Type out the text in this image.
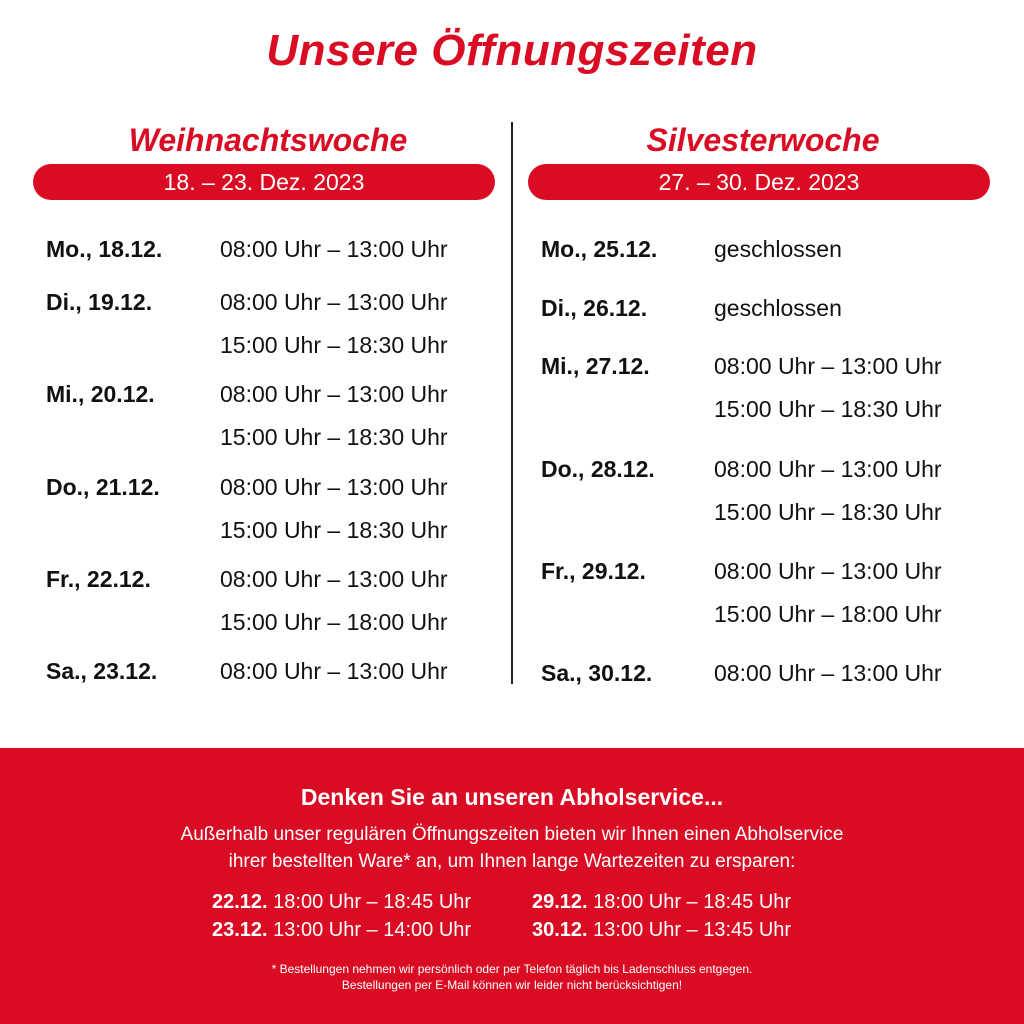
Unsere Öffnungszeiten
Weihnachtswoche
18. – 23. Dez. 2023
Mo., 18.12.	08:00 Uhr – 13:00 Uhr
Di., 19.12.	08:00 Uhr – 13:00 Uhr
15:00 Uhr – 18:30 Uhr
Mi., 20.12.	08:00 Uhr – 13:00 Uhr
15:00 Uhr – 18:30 Uhr
Do., 21.12.	08:00 Uhr – 13:00 Uhr
15:00 Uhr – 18:30 Uhr
Fr., 22.12.	08:00 Uhr – 13:00 Uhr
15:00 Uhr – 18:00 Uhr
Sa., 23.12.	08:00 Uhr – 13:00 Uhr
Silvesterwoche
27. – 30. Dez. 2023
Mo., 25.12. geschlossen
Di., 26.12.	geschlossen
Mi., 27.12.	08:00 Uhr – 13:00 Uhr
15:00 Uhr – 18:30 Uhr
Do., 28.12.	08:00 Uhr – 13:00 Uhr
15:00 Uhr – 18:30 Uhr
Fr., 29.12.	08:00 Uhr – 13:00 Uhr
15:00 Uhr – 18:00 Uhr
Sa., 30.12.	08:00 Uhr – 13:00 Uhr
Denken Sie an unseren Abholservice...
Außerhalb unser regulären Öffnungszeiten bieten wir Ihnen einen Abholservice
ihrer bestellten Ware* an, um Ihnen lange Wartezeiten zu ersparen:
22.12. 18:00 Uhr – 18:45 Uhr
23.12. 13:00 Uhr – 14:00 Uhr
29.12. 18:00 Uhr – 18:45 Uhr
30.12. 13:00 Uhr – 13:45 Uhr
* Bestellungen nehmen wir persönlich oder per Telefon täglich bis Ladenschluss entgegen.
Bestellungen per E-Mail können wir leider nicht berücksichtigen!
